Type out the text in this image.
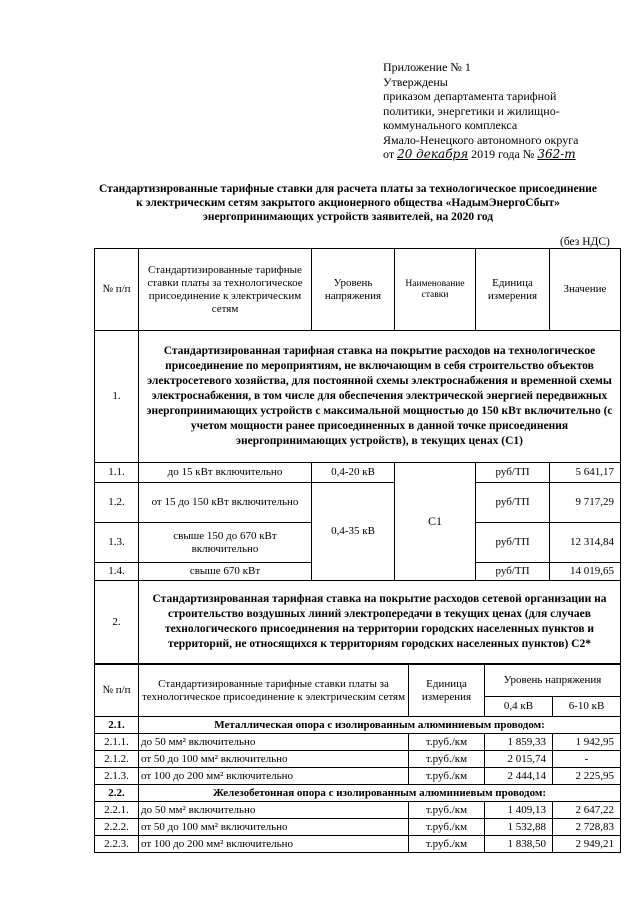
Приложение № 1
Утверждены
приказом департамента тарифной
политики, энергетики и жилищно-
коммунального комплекса
Ямало-Ненецкого автономного округа
от 20 декабря 2019 года № 362-т
Стандартизированные тарифные ставки для расчета платы за технологическое присоединение
к электрическим сетям закрытого акционерного общества «НадымЭнергоСбыт»
энергопринимающих устройств заявителей, на 2020 год
(без НДС)
№ п/п	Стандартизированные тарифные ставки платы за технологическое присоединение к электрическим сетям	Уровень напряжения	Наименование ставки	Единица измерения	Значение
1.	Стандартизированная тарифная ставка на покрытие расходов на технологическое присоединение по мероприятиям, не включающим в себя строительство объектов электросетевого хозяйства, для постоянной схемы электроснабжения и временной схемы электроснабжения, в том числе для обеспечения электрической энергией передвижных энергопринимающих устройств с максимальной мощностью до 150 кВт включительно (с учетом мощности ранее присоединенных в данной точке присоединения энергопринимающих устройств), в текущих ценах (С1)				
1.1.	до 15 кВт включительно	0,4-20 кВ	С1	руб/ТП	5 641,17
1.2.	от 15 до 150 кВт включительно	0,4-35 кВ		руб/ТП	9 717,29
1.3.	свыше 150 до 670 кВт включительно			руб/ТП	12 314,84
1.4.	свыше 670 кВт			руб/ТП	14 019,65
2.	Стандартизированная тарифная ставка на покрытие расходов сетевой организации на строительство воздушных линий электропередачи в текущих ценах (для случаев технологического присоединения на территории городских населенных пунктов и территорий, не относящихся к территориям городских населенных пунктов) С2*				
№ п/п	Стандартизированные тарифные ставки платы за технологическое присоединение к электрическим сетям	Единица измерения	Уровень напряжения	
			0,4 кВ	6-10 кВ
2.1.	Металлическая опора с изолированным алюминиевым проводом:			
2.1.1.	до 50 мм² включительно	т.руб./км	1 859,33	1 942,95
2.1.2.	от 50 до 100 мм² включительно	т.руб./км	2 015,74	-
2.1.3.	от 100 до 200 мм² включительно	т.руб./км	2 444,14	2 225,95
2.2.	Железобетонная опора с изолированным алюминиевым проводом:			
2.2.1.	до 50 мм² включительно	т.руб./км	1 409,13	2 647,22
2.2.2.	от 50 до 100 мм² включительно	т.руб./км	1 532,88	2 728,83
2.2.3.	от 100 до 200 мм² включительно	т.руб./км	1 838,50	2 949,21
